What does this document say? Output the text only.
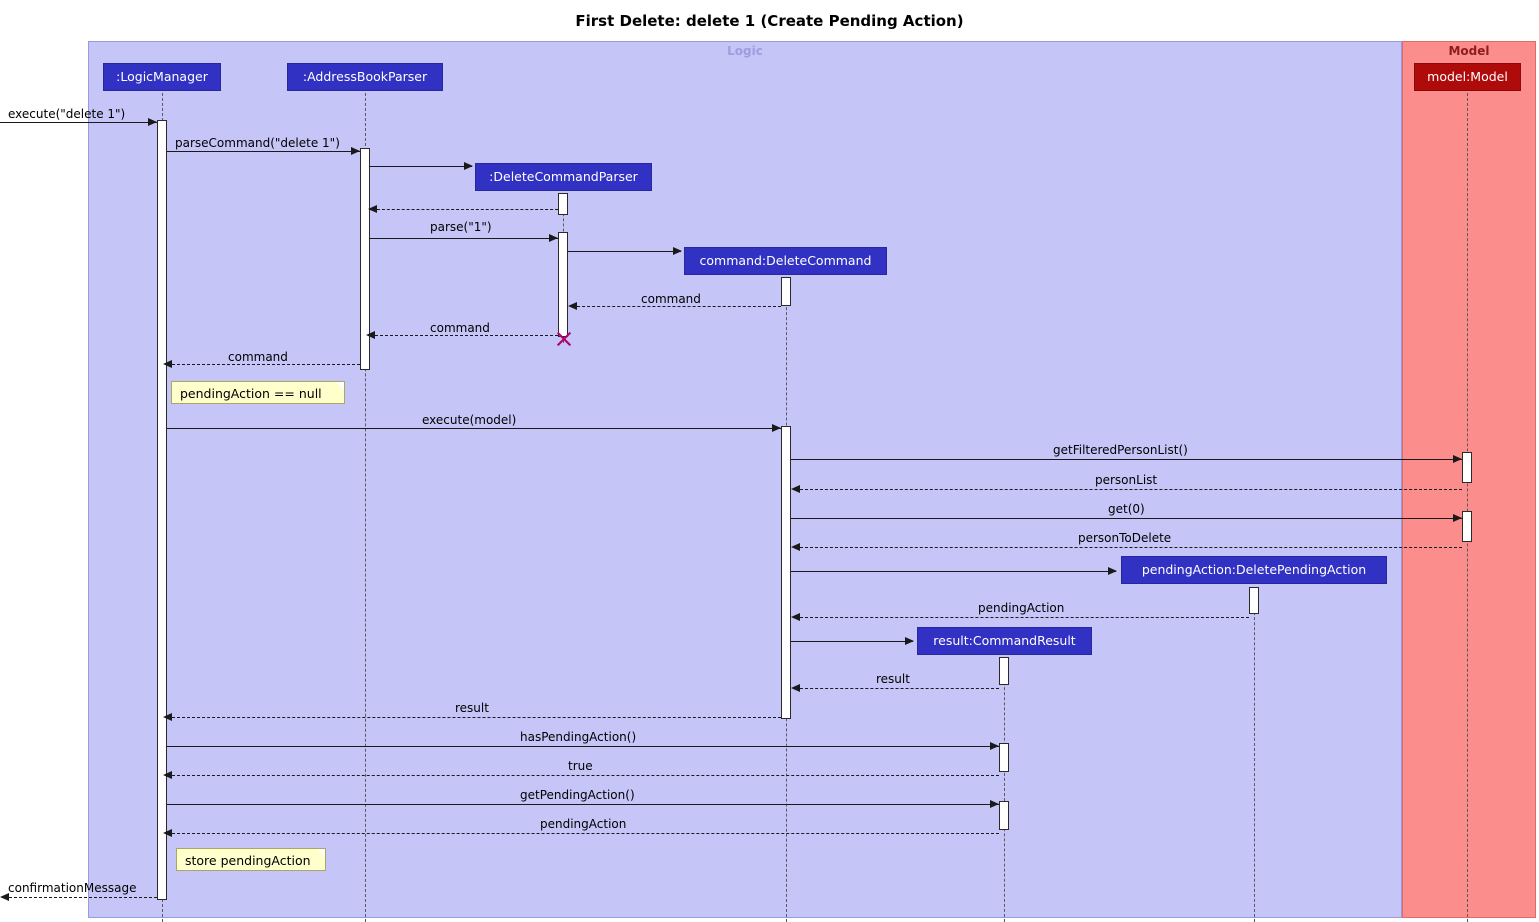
First Delete: delete 1 (Create Pending Action)
Logic	Model
:LogicManager	:AddressBookParser
:DeleteCommandParser
command:DeleteCommand
pendingAction:DeletePendingAction
result:CommandResult
model:Model
execute("delete 1")
parseCommand("delete 1")
parse("1")
command
command
command
pendingAction == null
execute(model)
getFilteredPersonList()
personList
get(0)
personToDelete
pendingAction
result
result
hasPendingAction()
true
getPendingAction()
pendingAction
store pendingAction
confirmationMessage
